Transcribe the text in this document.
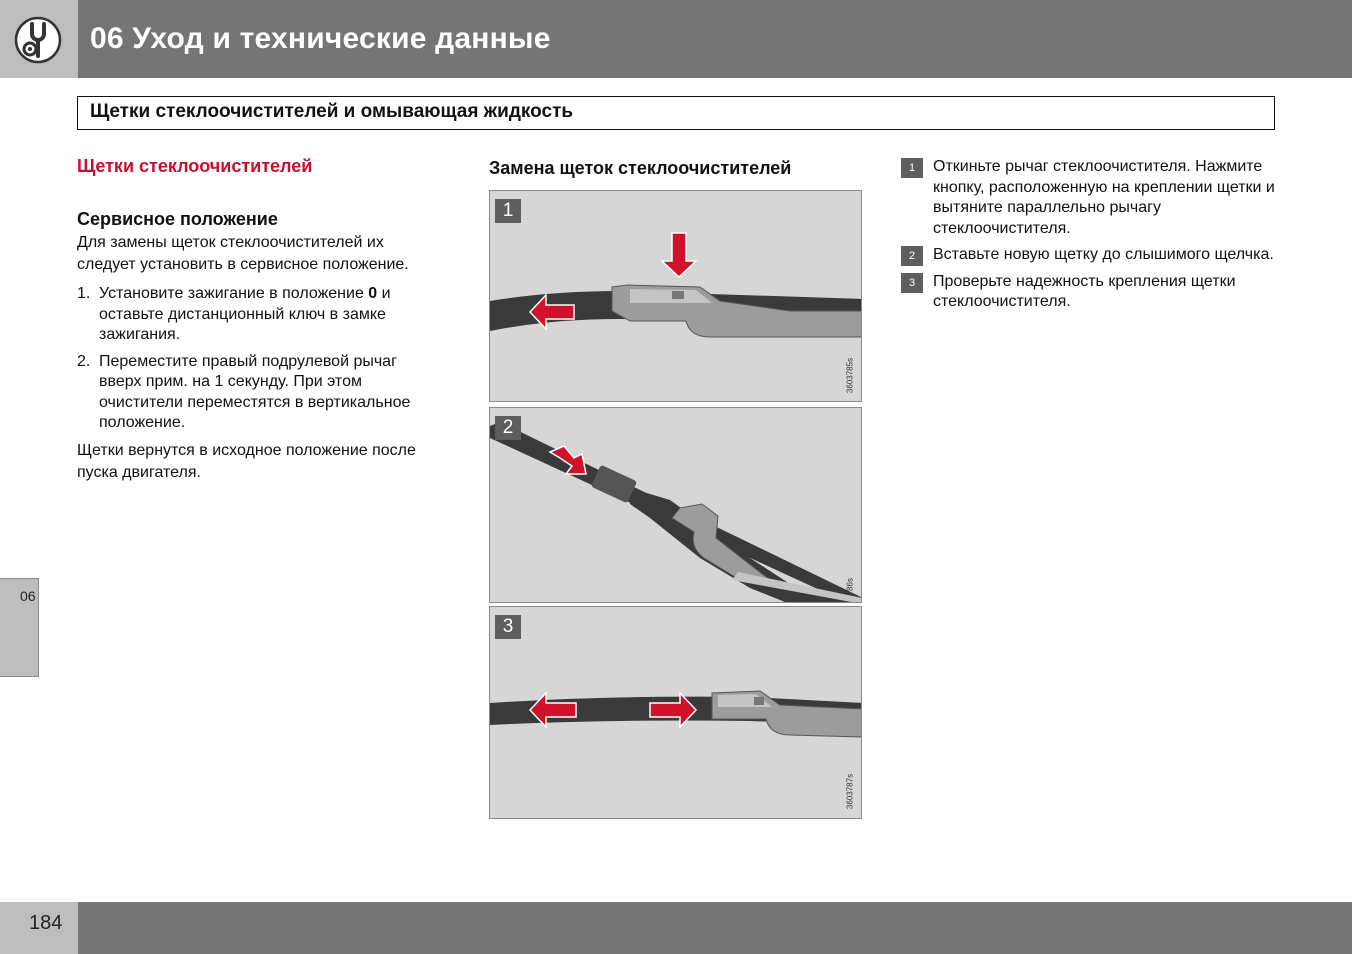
06 Уход и технические данные
Щетки стеклоочистителей и омывающая жидкость
Щетки стеклоочистителей
Сервисное положение
Для замены щеток стеклоочистителей их следует установить в сервисное положение.
1. Установите зажигание в положение 0 и оставьте дистанционный ключ в замке зажигания.
2. Переместите правый подрулевой рычаг вверх прим. на 1 секунду. При этом очистители переместятся в вертикальное положение.
Щетки вернутся в исходное положение после пуска двигателя.
Замена щеток стеклоочистителей
1
3603785s
2
86s
3
3603787s
1	Откиньте рычаг стеклоочистителя. Нажмите кнопку, расположенную на креплении щетки и вытяните параллельно рычагу стеклоочистителя.
2	Вставьте новую щетку до слышимого щелчка.
3	Проверьте надежность крепления щетки стеклоочистителя.
06
184
